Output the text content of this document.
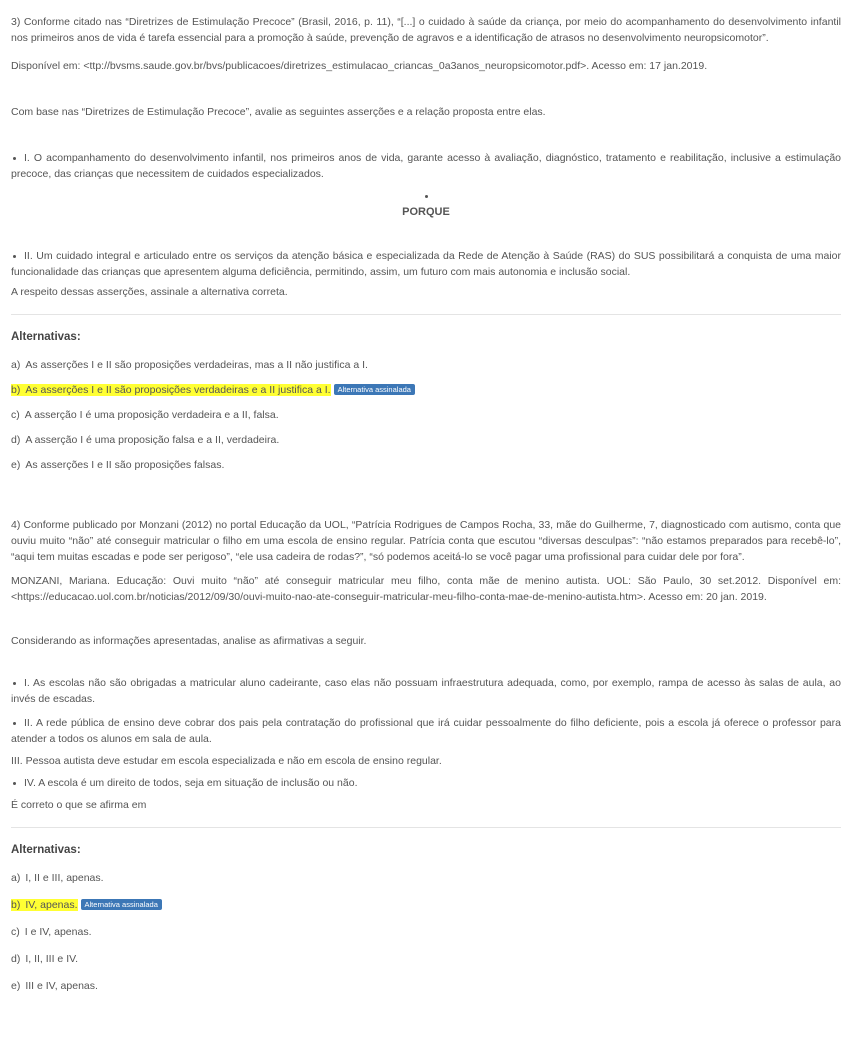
3) Conforme citado nas “Diretrizes de Estimulação Precoce” (Brasil, 2016, p. 11), “[...] o cuidado à saúde da criança, por meio do acompanhamento do desenvolvimento infantil nos primeiros anos de vida é tarefa essencial para a promoção à saúde, prevenção de agravos e a identificação de atrasos no desenvolvimento neuropsicomotor”.

Disponível em: <ttp://bvsms.saude.gov.br/bvs/publicacoes/diretrizes_estimulacao_criancas_0a3anos_neuropsicomotor.pdf>. Acesso em: 17 jan.2019.

Com base nas “Diretrizes de Estimulação Precoce”, avalie as seguintes asserções e a relação proposta entre elas.

I. O acompanhamento do desenvolvimento infantil, nos primeiros anos de vida, garante acesso à avaliação, diagnóstico, tratamento e reabilitação, inclusive a estimulação precoce, das crianças que necessitem de cuidados especializados.

PORQUE

II. Um cuidado integral e articulado entre os serviços da atenção básica e especializada da Rede de Atenção à Saúde (RAS) do SUS possibilitará a conquista de uma maior funcionalidade das crianças que apresentem alguma deficiência, permitindo, assim, um futuro com mais autonomia e inclusão social.

A respeito dessas asserções, assinale a alternativa correta.

Alternativas:

a) As asserções I e II são proposições verdadeiras, mas a II não justifica a I.
b) As asserções I e II são proposições verdadeiras e a II justifica a I. Alternativa assinalada
c) A asserção I é uma proposição verdadeira e a II, falsa.
d) A asserção I é uma proposição falsa e a II, verdadeira.
e) As asserções I e II são proposições falsas.

4) Conforme publicado por Monzani (2012) no portal Educação da UOL, “Patrícia Rodrigues de Campos Rocha, 33, mãe do Guilherme, 7, diagnosticado com autismo, conta que ouviu muito “não” até conseguir matricular o filho em uma escola de ensino regular. Patrícia conta que escutou “diversas desculpas”: “não estamos preparados para recebê-lo”, “aqui tem muitas escadas e pode ser perigoso”, “ele usa cadeira de rodas?”, “só podemos aceitá-lo se você pagar uma profissional para cuidar dele por fora”.

MONZANI, Mariana. Educação: Ouvi muito “não” até conseguir matricular meu filho, conta mãe de menino autista. UOL: São Paulo, 30 set.2012. Disponível em: <https://educacao.uol.com.br/noticias/2012/09/30/ouvi-muito-nao-ate-conseguir-matricular-meu-filho-conta-mae-de-menino-autista.htm>. Acesso em: 20 jan. 2019.

Considerando as informações apresentadas, analise as afirmativas a seguir.

I. As escolas não são obrigadas a matricular aluno cadeirante, caso elas não possuam infraestrutura adequada, como, por exemplo, rampa de acesso às salas de aula, ao invés de escadas.

II. A rede pública de ensino deve cobrar dos pais pela contratação do profissional que irá cuidar pessoalmente do filho deficiente, pois a escola já oferece o professor para atender a todos os alunos em sala de aula.

III. Pessoa autista deve estudar em escola especializada e não em escola de ensino regular.

IV. A escola é um direito de todos, seja em situação de inclusão ou não.

É correto o que se afirma em

Alternativas:

a) I, II e III, apenas.
b) IV, apenas. Alternativa assinalada
c) I e IV, apenas.
d) I, II, III e IV.
e) III e IV, apenas.
